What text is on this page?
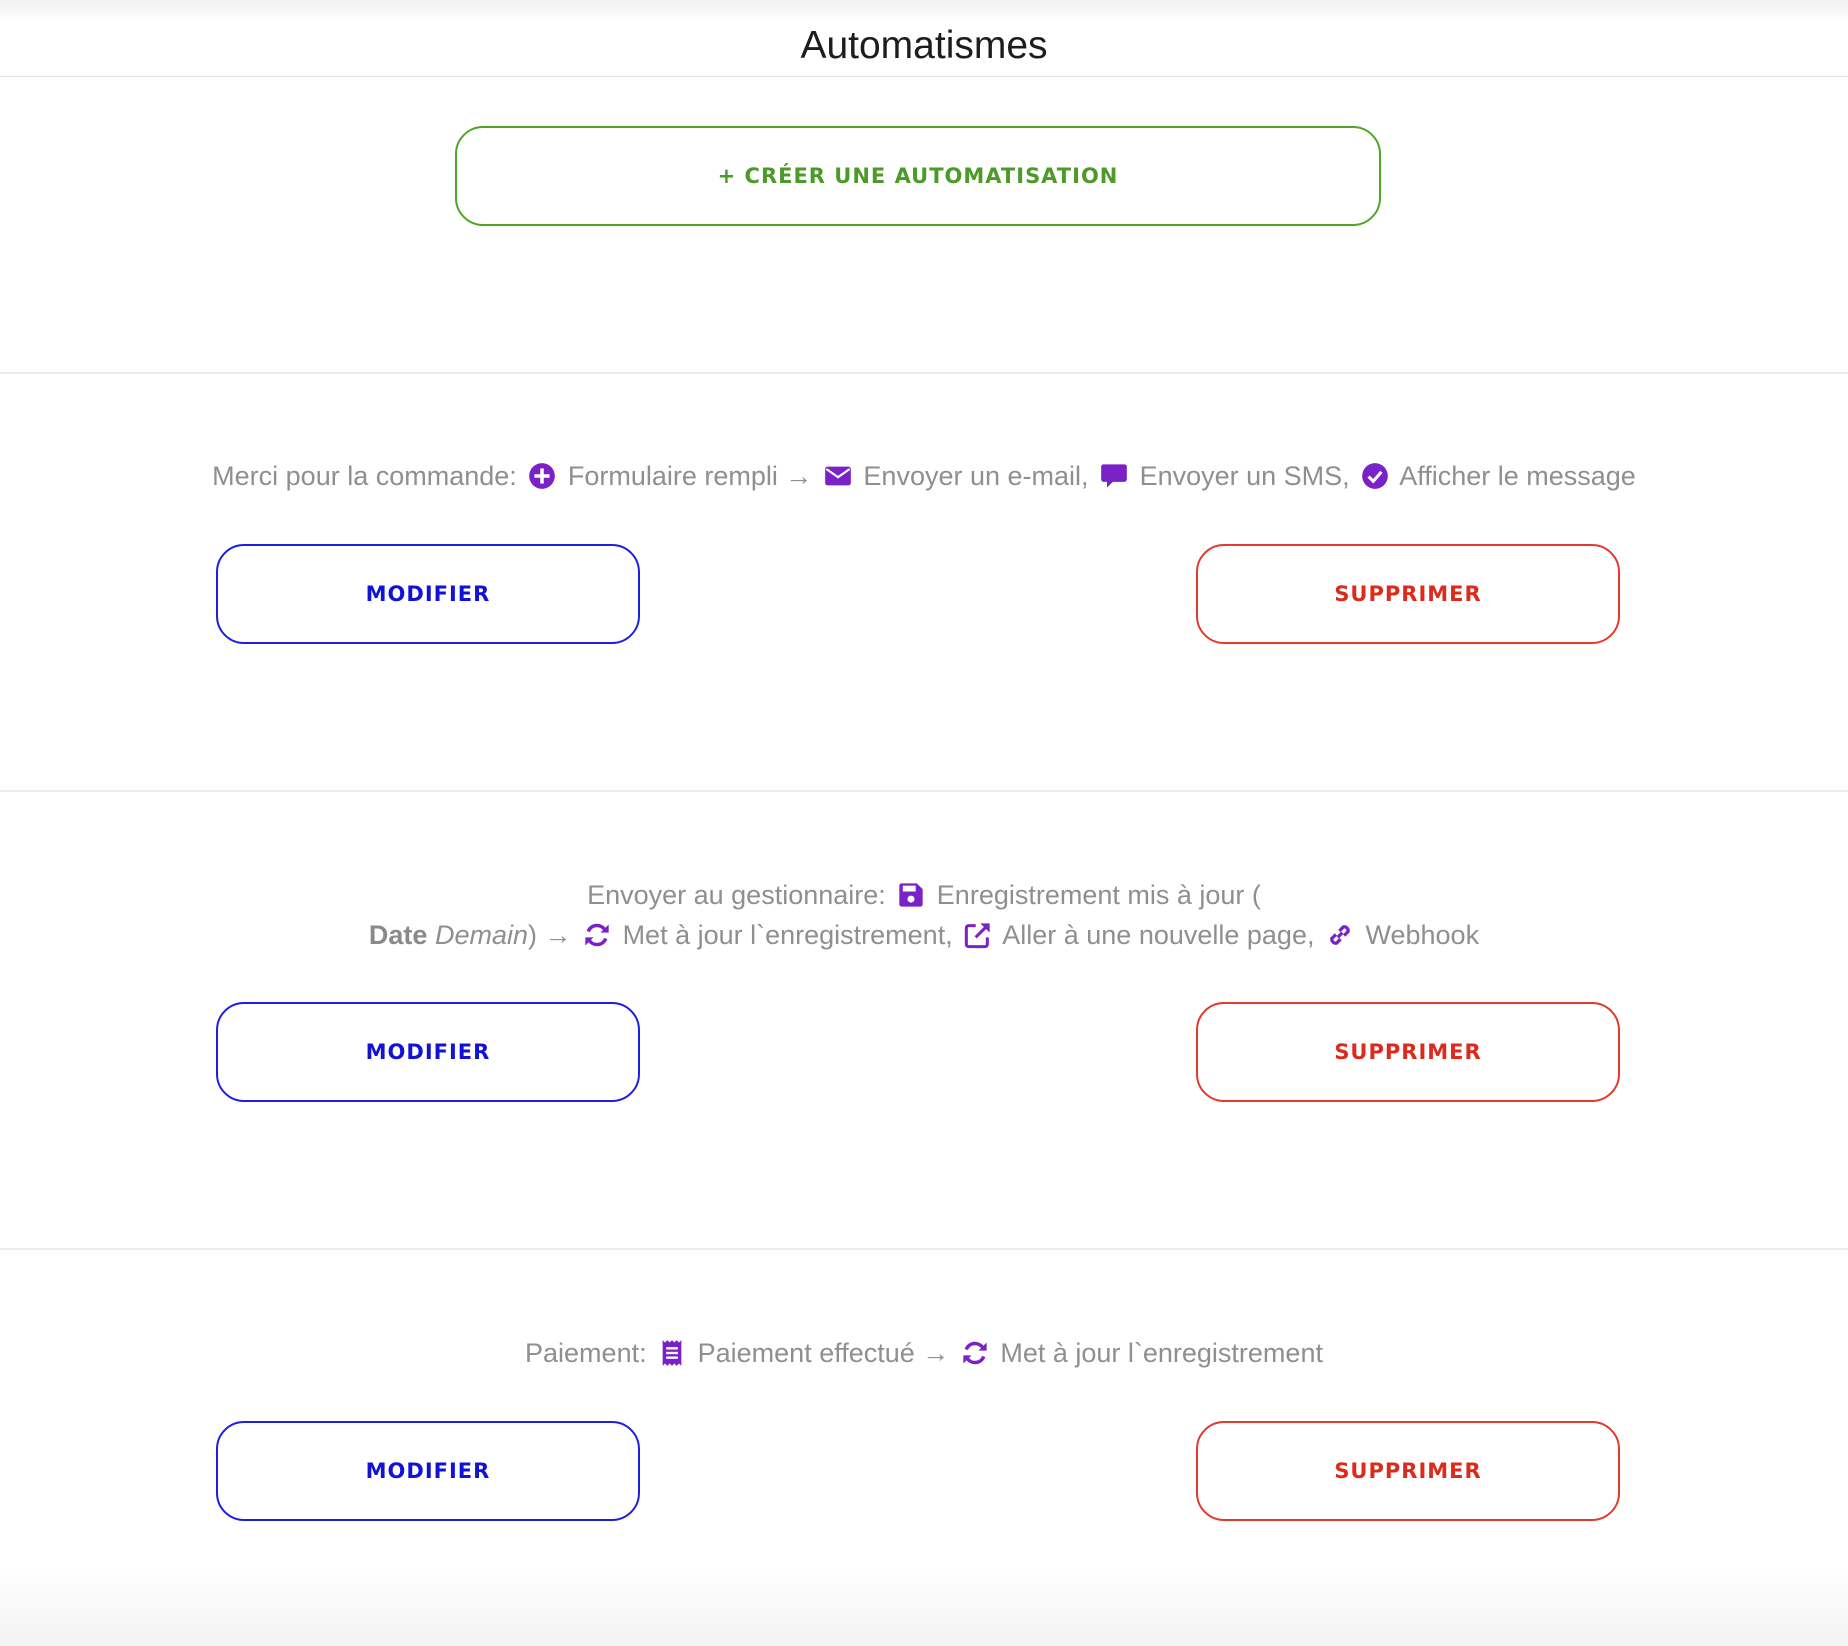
Automatismes
+ CRÉER UNE AUTOMATISATION
Merci pour la commande: Formulaire rempli → Envoyer un e-mail, Envoyer un SMS, Afficher le message
MODIFIER	SUPPRIMER
Envoyer au gestionnaire: Enregistrement mis à jour (
Date Demain) → Met à jour l`enregistrement, Aller à une nouvelle page, Webhook
MODIFIER	SUPPRIMER
Paiement: Paiement effectué → Met à jour l`enregistrement
MODIFIER	SUPPRIMER
